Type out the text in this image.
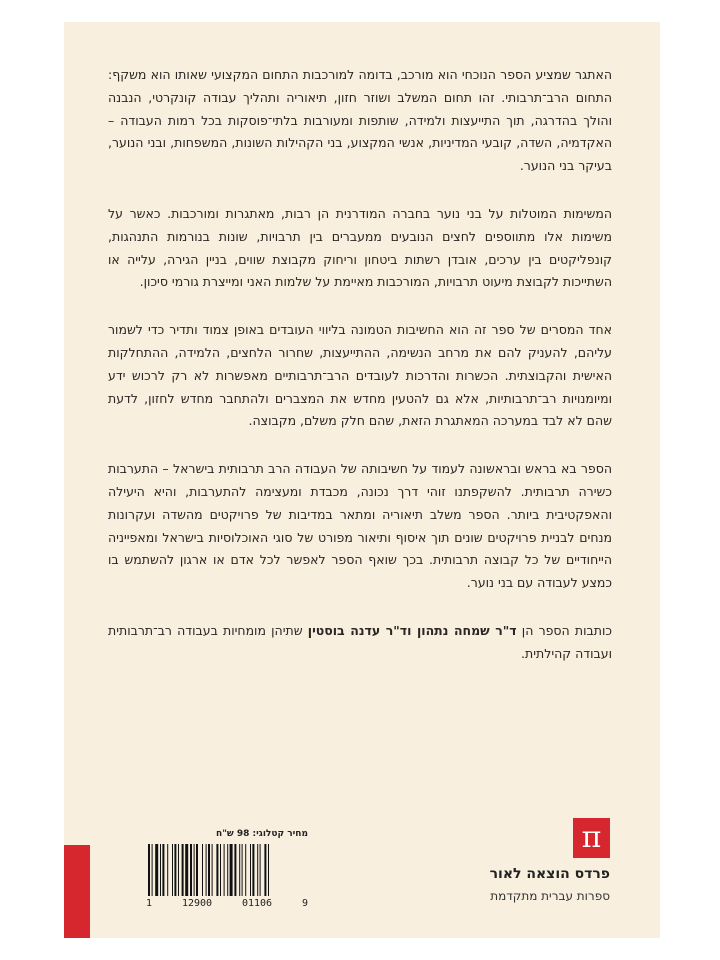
האתגר שמציע הספר הנוכחי הוא מורכב, בדומה למורכבות התחום המקצועי שאותו הוא משקף: התחום הרב־תרבותי. זהו תחום המשלב ושוזר חזון, תיאוריה ותהליך עבודה קונקרטי, הנבנה והולך בהדרגה, תוך התייעצות ולמידה, שותפות ומעורבות בלתי־פוסקות בכל רמות העבודה – האקדמיה, השדה, קובעי המדיניות, אנשי המקצוע, בני הקהילות השונות, המשפחות, ובני הנוער, בעיקר בני הנוער.

המשימות המוטלות על בני נוער בחברה המודרנית הן רבות, מאתגרות ומורכבות. כאשר על משימות אלו מתווספים לחצים הנובעים ממעברים בין תרבויות, שונות בנורמות התנהגות, קונפליקטים בין ערכים, אובדן רשתות ביטחון וריחוק מקבוצת שווים, בניין הגירה, עלייה או השתייכות לקבוצת מיעוט תרבויות, המורכבות מאיימת על שלמות האני ומייצרת גורמי סיכון.

אחד המסרים של ספר זה הוא החשיבות הטמונה בליווי העובדים באופן צמוד ותדיר כדי לשמור עליהם, להעניק להם את מרחב הנשימה, ההתייעצות, שחרור הלחצים, הלמידה, ההתחלקות האישית והקבוצתית. הכשרות והדרכות לעובדים הרב־תרבותיים מאפשרות לא רק לרכוש ידע ומיומנויות רב־תרבותיות, אלא גם להטעין מחדש את המצברים ולהתחבר מחדש לחזון, לדעת שהם לא לבד במערכה המאתגרת הזאת, שהם חלק משלם, מקבוצה.

הספר בא בראש ובראשונה לעמוד על חשיבותה של העבודה הרב תרבותית בישראל – התערבות כשירה תרבותית. להשקפתנו זוהי דרך נכונה, מכבדת ומעצימה להתערבות, והיא היעילה והאפקטיבית ביותר. הספר משלב תיאוריה ומתאר במדיבות של פרויקטים מהשדה ועקרונות מנחים לבניית פרויקטים שונים תוך איסוף ותיאור מפורט של סוגי האוכלוסיות בישראל ומאפייניה הייחודיים של כל קבוצה תרבותית. בכך שואף הספר לאפשר לכל אדם או ארגון להשתמש בו כמצע לעבודה עם בני נוער.

כותבות הספר הן ד"ר שמחה נתהון וד"ר עדנה בוסטין שתיהן מומחיות בעבודה רב־תרבותית ועבודה קהילתית.

מחיר קטלוגי: 98 ש"ח
1	12900	01106	9
π
פרדס הוצאה לאור
ספרות עברית מתקדמת
